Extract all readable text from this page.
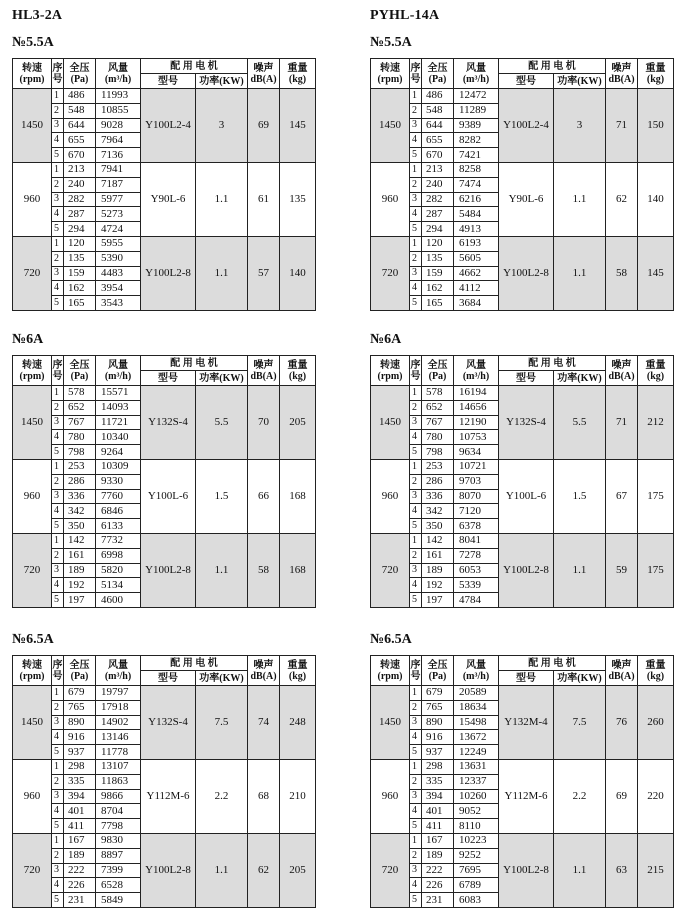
HL3-2A	PYHL-14A
№5.5A
转速
(rpm)	序号	全压
(Pa)	风量
(m³/h)	配 用 电 机		噪声
dB(A)	重量
(kg)

				型号	功率(KW)		
1450	1	486	11993	Y100L2-4	3	69	145
	2	548	10855				
	3	644	9028				
	4	655	7964				
	5	670	7136				
960	1	213	7941	Y90L-6	1.1	61	135
	2	240	7187				
	3	282	5977				
	4	287	5273				
	5	294	4724				
720	1	120	5955	Y100L2-8	1.1	57	140
	2	135	5390				
	3	159	4483				
	4	162	3954				
	5	165	3543				
№5.5A
转速
(rpm)	序号	全压
(Pa)	风量
(m³/h)	配 用 电 机		噪声
dB(A)	重量
(kg)

				型号	功率(KW)		
1450	1	486	12472	Y100L2-4	3	71	150
	2	548	11289				
	3	644	9389				
	4	655	8282				
	5	670	7421				
960	1	213	8258	Y90L-6	1.1	62	140
	2	240	7474				
	3	282	6216				
	4	287	5484				
	5	294	4913				
720	1	120	6193	Y100L2-8	1.1	58	145
	2	135	5605				
	3	159	4662				
	4	162	4112				
	5	165	3684				
№6A
转速
(rpm)	序号	全压
(Pa)	风量
(m³/h)	配 用 电 机		噪声
dB(A)	重量
(kg)

				型号	功率(KW)		
1450	1	578	15571	Y132S-4	5.5	70	205
	2	652	14093				
	3	767	11721				
	4	780	10340				
	5	798	9264				
960	1	253	10309	Y100L-6	1.5	66	168
	2	286	9330				
	3	336	7760				
	4	342	6846				
	5	350	6133				
720	1	142	7732	Y100L2-8	1.1	58	168
	2	161	6998				
	3	189	5820				
	4	192	5134				
	5	197	4600				
№6A
转速
(rpm)	序号	全压
(Pa)	风量
(m³/h)	配 用 电 机		噪声
dB(A)	重量
(kg)

				型号	功率(KW)		
1450	1	578	16194	Y132S-4	5.5	71	212
	2	652	14656				
	3	767	12190				
	4	780	10753				
	5	798	9634				
960	1	253	10721	Y100L-6	1.5	67	175
	2	286	9703				
	3	336	8070				
	4	342	7120				
	5	350	6378				
720	1	142	8041	Y100L2-8	1.1	59	175
	2	161	7278				
	3	189	6053				
	4	192	5339				
	5	197	4784				
№6.5A
转速
(rpm)	序号	全压
(Pa)	风量
(m³/h)	配 用 电 机		噪声
dB(A)	重量
(kg)

				型号	功率(KW)		
1450	1	679	19797	Y132S-4	7.5	74	248
	2	765	17918				
	3	890	14902				
	4	916	13146				
	5	937	11778				
960	1	298	13107	Y112M-6	2.2	68	210
	2	335	11863				
	3	394	9866				
	4	401	8704				
	5	411	7798				
720	1	167	9830	Y100L2-8	1.1	62	205
	2	189	8897				
	3	222	7399				
	4	226	6528				
	5	231	5849				
№6.5A
转速
(rpm)	序号	全压
(Pa)	风量
(m³/h)	配 用 电 机		噪声
dB(A)	重量
(kg)

				型号	功率(KW)		
1450	1	679	20589	Y132M-4	7.5	76	260
	2	765	18634				
	3	890	15498				
	4	916	13672				
	5	937	12249				
960	1	298	13631	Y112M-6	2.2	69	220
	2	335	12337				
	3	394	10260				
	4	401	9052				
	5	411	8110				
720	1	167	10223	Y100L2-8	1.1	63	215
	2	189	9252				
	3	222	7695				
	4	226	6789				
	5	231	6083				
